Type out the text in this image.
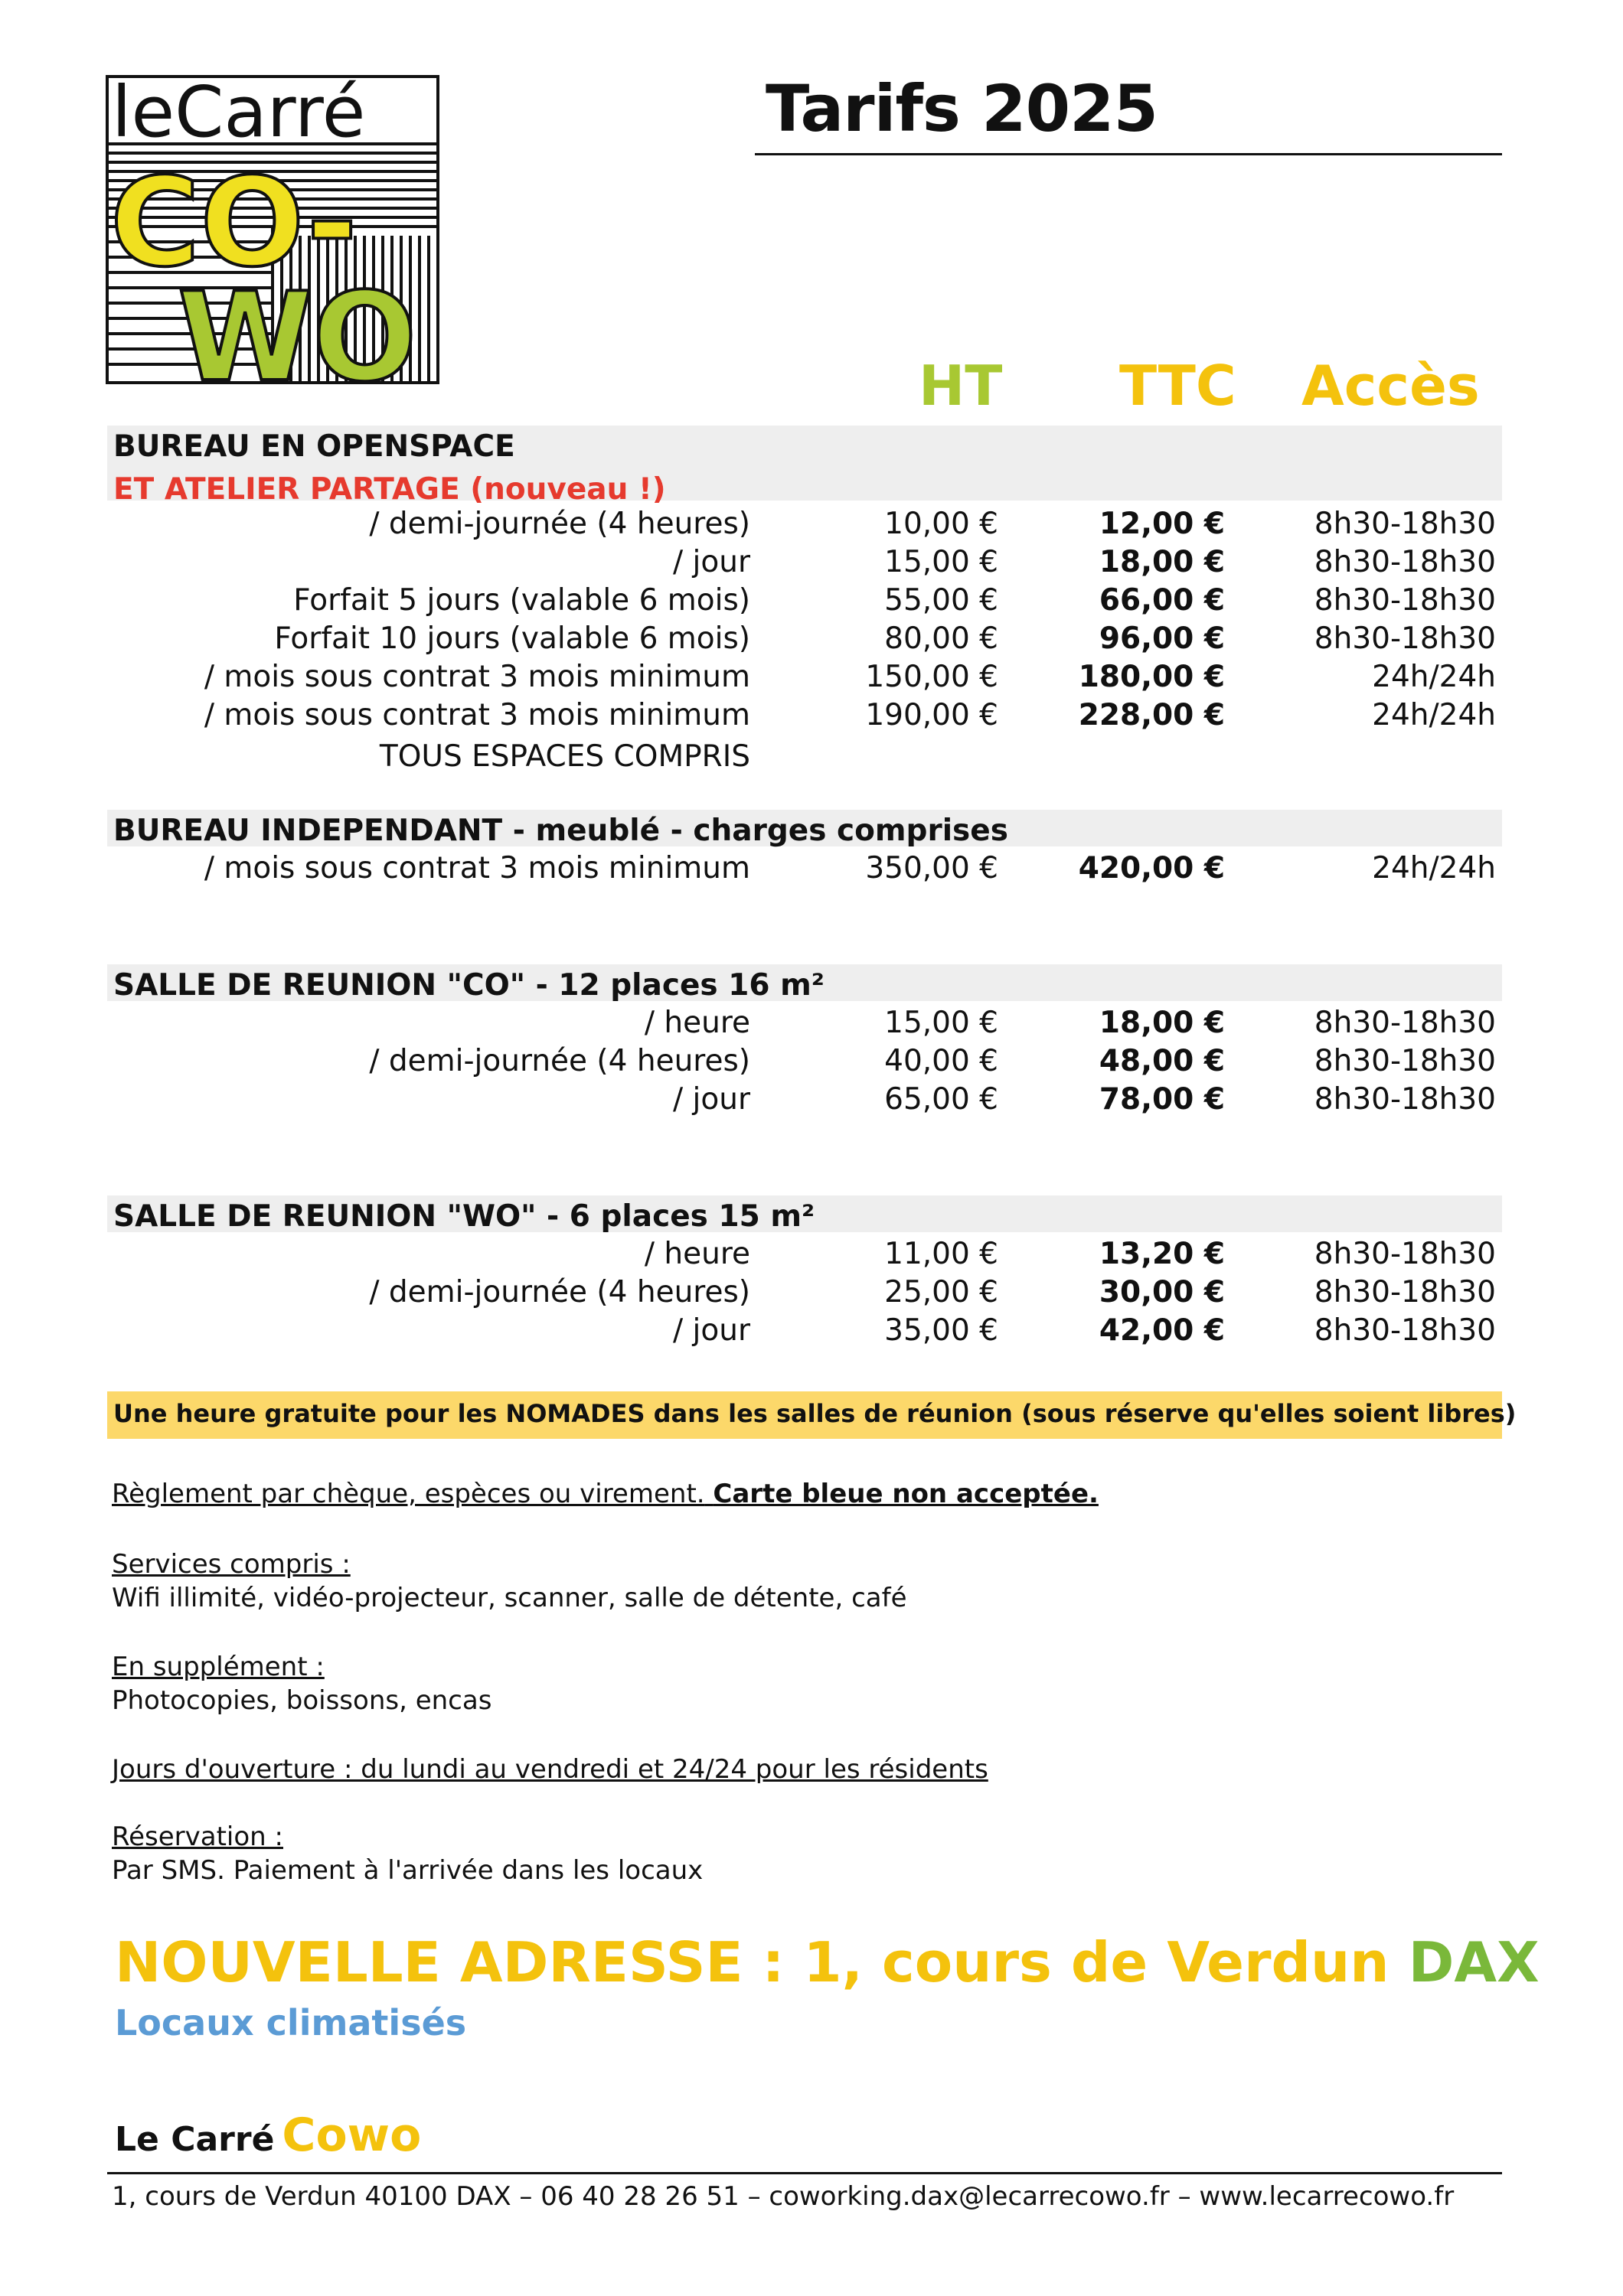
leCarré
CO-
WO
Tarifs 2025
HT TTC Accès
BUREAU EN OPENSPACE
ET ATELIER PARTAGE (nouveau !)
/ demi-journée (4 heures)	10,00 €	12,00 €	8h30-18h30
/ jour	15,00 €	18,00 €	8h30-18h30
Forfait 5 jours (valable 6 mois)	55,00 €	66,00 €	8h30-18h30
Forfait 10 jours (valable 6 mois)	80,00 €	96,00 €	8h30-18h30
/ mois sous contrat 3 mois minimum	150,00 €	180,00 €	24h/24h
/ mois sous contrat 3 mois minimum	190,00 €	228,00 €	24h/24h
TOUS ESPACES COMPRIS
BUREAU INDEPENDANT - meublé - charges comprises
/ mois sous contrat 3 mois minimum	350,00 €	420,00 €	24h/24h
SALLE DE REUNION "CO" - 12 places 16 m²
/ heure	15,00 €	18,00 €	8h30-18h30
/ demi-journée (4 heures)	40,00 €	48,00 €	8h30-18h30
/ jour	65,00 €	78,00 €	8h30-18h30
SALLE DE REUNION "WO" - 6 places 15 m²
/ heure	11,00 €	13,20 €	8h30-18h30
/ demi-journée (4 heures)	25,00 €	30,00 €	8h30-18h30
/ jour	35,00 €	42,00 €	8h30-18h30
Une heure gratuite pour les NOMADES dans les salles de réunion (sous réserve qu'elles soient libres)
Règlement par chèque, espèces ou virement. Carte bleue non acceptée.
Services compris :
Wifi illimité, vidéo-projecteur, scanner, salle de détente, café
En supplément :
Photocopies, boissons, encas
Jours d'ouverture : du lundi au vendredi et 24/24 pour les résidents
Réservation :
Par SMS. Paiement à l'arrivée dans les locaux
NOUVELLE ADRESSE : 1, cours de Verdun DAX
Locaux climatisés
Le Carré Cowo
1, cours de Verdun 40100 DAX – 06 40 28 26 51 – coworking.dax@lecarrecowo.fr – www.lecarrecowo.fr
